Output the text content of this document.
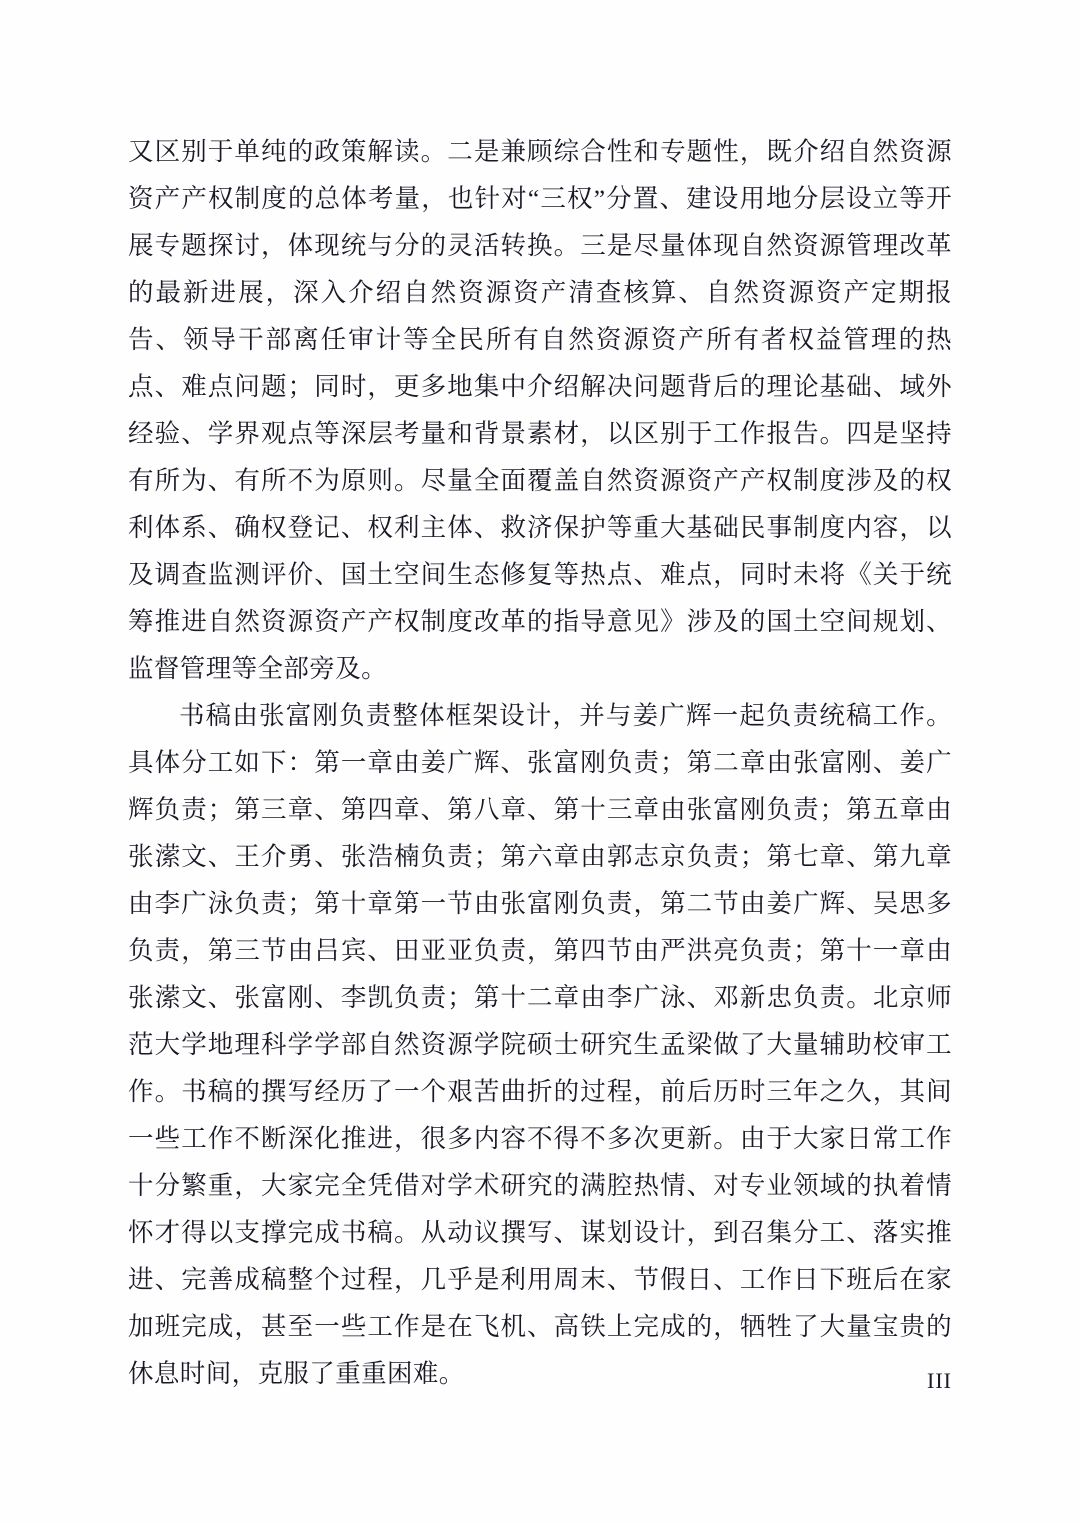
又区别于单纯的政策解读。二是兼顾综合性和专题性，既介绍自然资源资产产权制度的总体考量，也针对“三权”分置、建设用地分层设立等开展专题探讨，体现统与分的灵活转换。三是尽量体现自然资源管理改革的最新进展，深入介绍自然资源资产清查核算、自然资源资产定期报告、领导干部离任审计等全民所有自然资源资产所有者权益管理的热点、难点问题；同时，更多地集中介绍解决问题背后的理论基础、域外经验、学界观点等深层考量和背景素材，以区别于工作报告。四是坚持有所为、有所不为原则。尽量全面覆盖自然资源资产产权制度涉及的权利体系、确权登记、权利主体、救济保护等重大基础民事制度内容，以及调查监测评价、国土空间生态修复等热点、难点，同时未将《关于统筹推进自然资源资产产权制度改革的指导意见》涉及的国土空间规划、监督管理等全部旁及。

书稿由张富刚负责整体框架设计，并与姜广辉一起负责统稿工作。具体分工如下：第一章由姜广辉、张富刚负责；第二章由张富刚、姜广辉负责；第三章、第四章、第八章、第十三章由张富刚负责；第五章由张潆文、王介勇、张浩楠负责；第六章由郭志京负责；第七章、第九章由李广泳负责；第十章第一节由张富刚负责，第二节由姜广辉、吴思多负责，第三节由吕宾、田亚亚负责，第四节由严洪亮负责；第十一章由张潆文、张富刚、李凯负责；第十二章由李广泳、邓新忠负责。北京师范大学地理科学学部自然资源学院硕士研究生孟梁做了大量辅助校审工作。书稿的撰写经历了一个艰苦曲折的过程，前后历时三年之久，其间一些工作不断深化推进，很多内容不得不多次更新。由于大家日常工作十分繁重，大家完全凭借对学术研究的满腔热情、对专业领域的执着情怀才得以支撑完成书稿。从动议撰写、谋划设计，到召集分工、落实推进、完善成稿整个过程，几乎是利用周末、节假日、工作日下班后在家加班完成，甚至一些工作是在飞机、高铁上完成的，牺牲了大量宝贵的休息时间，克服了重重困难。	III
